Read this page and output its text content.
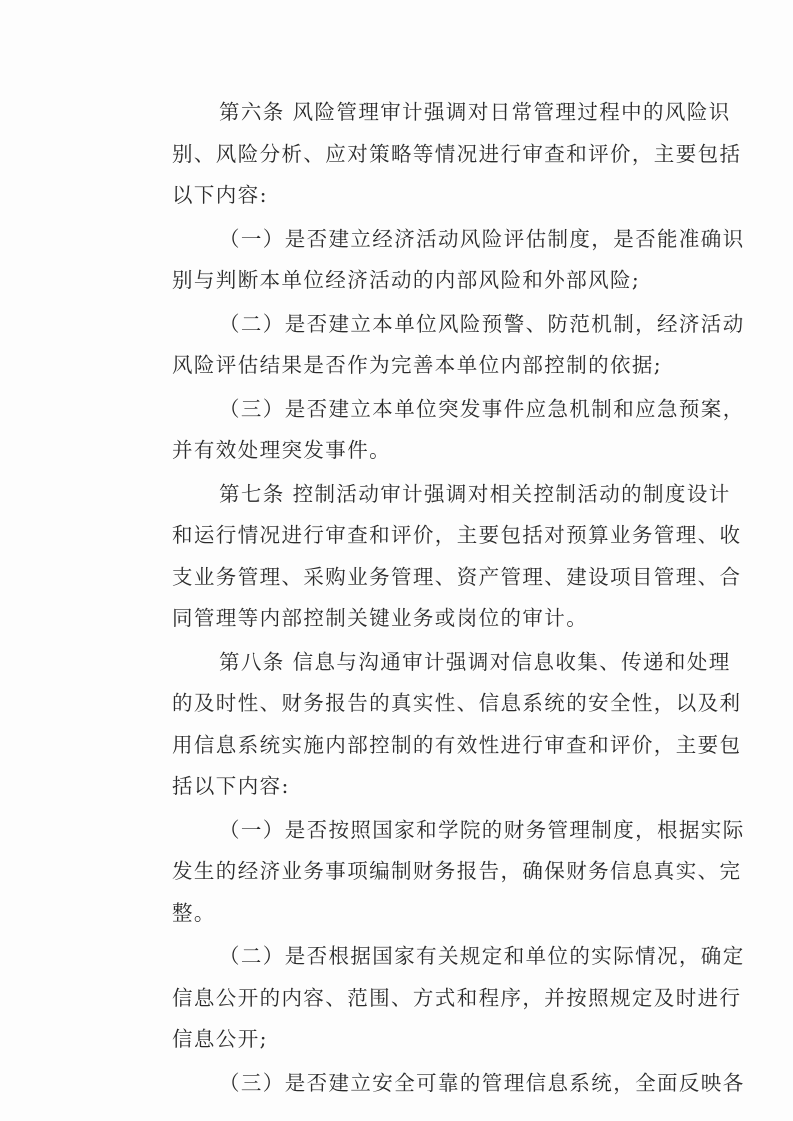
第六条 风险管理审计强调对日常管理过程中的风险识
别、风险分析、应对策略等情况进行审查和评价，主要包括
以下内容:

（一）是否建立经济活动风险评估制度，是否能准确识
别与判断本单位经济活动的内部风险和外部风险;

（二）是否建立本单位风险预警、防范机制，经济活动
风险评估结果是否作为完善本单位内部控制的依据;

（三）是否建立本单位突发事件应急机制和应急预案，
并有效处理突发事件。

第七条 控制活动审计强调对相关控制活动的制度设计
和运行情况进行审查和评价，主要包括对预算业务管理、收
支业务管理、采购业务管理、资产管理、建设项目管理、合
同管理等内部控制关键业务或岗位的审计。

第八条 信息与沟通审计强调对信息收集、传递和处理
的及时性、财务报告的真实性、信息系统的安全性，以及利
用信息系统实施内部控制的有效性进行审查和评价，主要包
括以下内容:

（一）是否按照国家和学院的财务管理制度，根据实际
发生的经济业务事项编制财务报告，确保财务信息真实、完
整。

（二）是否根据国家有关规定和单位的实际情况，确定
信息公开的内容、范围、方式和程序，并按照规定及时进行
信息公开;

（三）是否建立安全可靠的管理信息系统，全面反映各
